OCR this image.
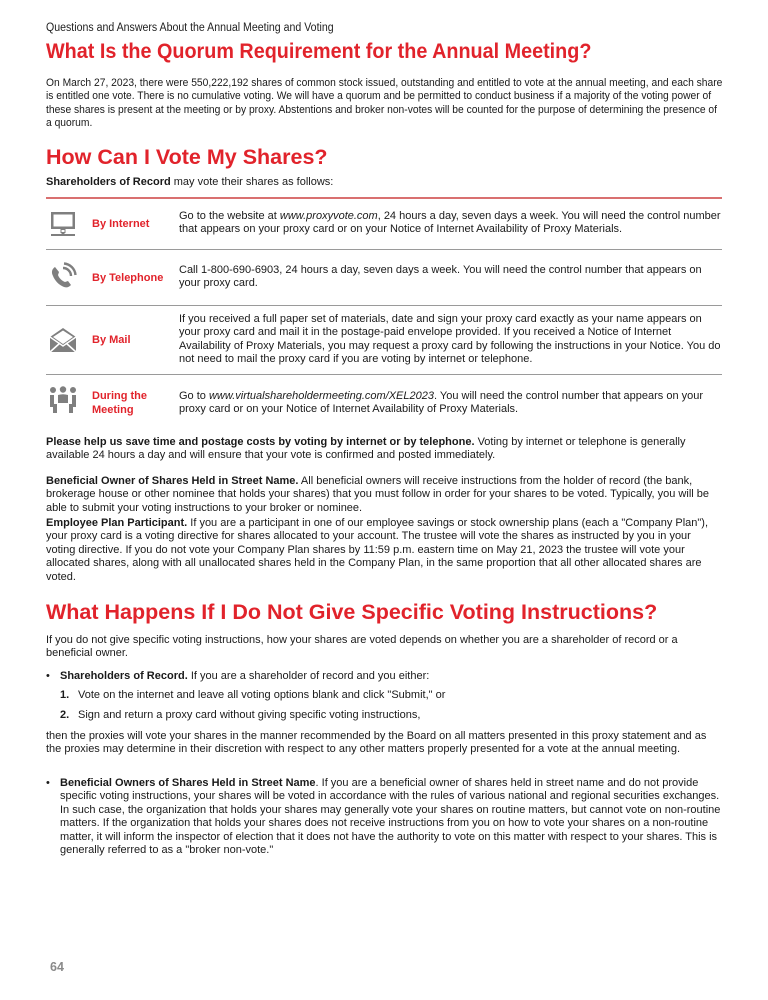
Questions and Answers About the Annual Meeting and Voting
What Is the Quorum Requirement for the Annual Meeting?
On March 27, 2023, there were 550,222,192 shares of common stock issued, outstanding and entitled to vote at the annual meeting, and each share is entitled one vote. There is no cumulative voting. We will have a quorum and be permitted to conduct business if a majority of the voting power of these shares is present at the meeting or by proxy. Abstentions and broker non-votes will be counted for the purpose of determining the presence of a quorum.
How Can I Vote My Shares?
Shareholders of Record may vote their shares as follows:
By Internet
Go to the website at www.proxyvote.com, 24 hours a day, seven days a week. You will need the control number that appears on your proxy card or on your Notice of Internet Availability of Proxy Materials.
By Telephone
Call 1-800-690-6903, 24 hours a day, seven days a week. You will need the control number that appears on your proxy card.
By Mail
If you received a full paper set of materials, date and sign your proxy card exactly as your name appears on your proxy card and mail it in the postage-paid envelope provided. If you received a Notice of Internet Availability of Proxy Materials, you may request a proxy card by following the instructions in your Notice. You do not need to mail the proxy card if you are voting by internet or telephone.
During the Meeting
Go to www.virtualshareholdermeeting.com/XEL2023. You will need the control number that appears on your proxy card or on your Notice of Internet Availability of Proxy Materials.
Please help us save time and postage costs by voting by internet or by telephone. Voting by internet or telephone is generally available 24 hours a day and will ensure that your vote is confirmed and posted immediately.
Beneficial Owner of Shares Held in Street Name. All beneficial owners will receive instructions from the holder of record (the bank, brokerage house or other nominee that holds your shares) that you must follow in order for your shares to be voted. Typically, you will be able to submit your voting instructions to your broker or nominee.
Employee Plan Participant. If you are a participant in one of our employee savings or stock ownership plans (each a "Company Plan"), your proxy card is a voting directive for shares allocated to your account. The trustee will vote the shares as instructed by you in your voting directive. If you do not vote your Company Plan shares by 11:59 p.m. eastern time on May 21, 2023 the trustee will vote your allocated shares, along with all unallocated shares held in the Company Plan, in the same proportion that all other allocated shares are voted.
What Happens If I Do Not Give Specific Voting Instructions?
If you do not give specific voting instructions, how your shares are voted depends on whether you are a shareholder of record or a beneficial owner.
• Shareholders of Record. If you are a shareholder of record and you either:
1. Vote on the internet and leave all voting options blank and click "Submit," or
2. Sign and return a proxy card without giving specific voting instructions,
then the proxies will vote your shares in the manner recommended by the Board on all matters presented in this proxy statement and as the proxies may determine in their discretion with respect to any other matters properly presented for a vote at the annual meeting.
• Beneficial Owners of Shares Held in Street Name. If you are a beneficial owner of shares held in street name and do not provide specific voting instructions, your shares will be voted in accordance with the rules of various national and regional securities exchanges. In such case, the organization that holds your shares may generally vote your shares on routine matters, but cannot vote on non-routine matters. If the organization that holds your shares does not receive instructions from you on how to vote your shares on a non-routine matter, it will inform the inspector of election that it does not have the authority to vote on this matter with respect to your shares. This is generally referred to as a "broker non-vote."
64
